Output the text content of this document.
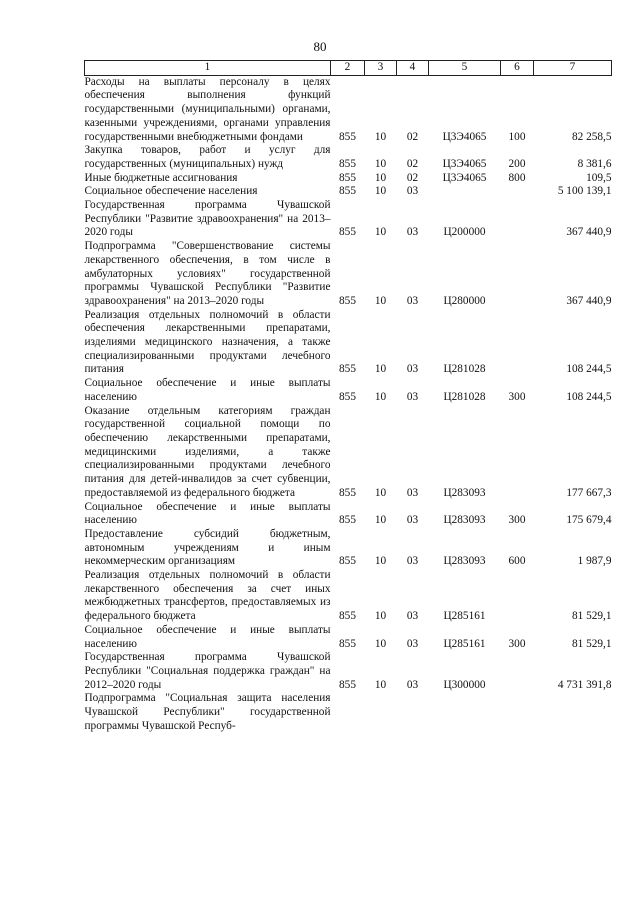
80
1	2	3	4	5	6	7
Расходы на выплаты персоналу в целях обеспечения выполнения функций государственными (муниципальными) органами, казенными учреждениями, органами управления государственными внебюджетными фондами	855	10	02	Ц3Э4065	100	82 258,5
Закупка товаров, работ и услуг для государственных (муниципальных) нужд	855	10	02	Ц3Э4065	200	8 381,6
Иные бюджетные ассигнования	855	10	02	Ц3Э4065	800	109,5
Социальное обеспечение населения	855	10	03			5 100 139,1
Государственная программа Чувашской Республики "Развитие здравоохранения" на 2013–2020 годы	855	10	03	Ц200000		367 440,9
Подпрограмма "Совершенствование системы лекарственного обеспечения, в том числе в амбулаторных условиях" государственной программы Чувашской Республики "Развитие здравоохранения" на 2013–2020 годы	855	10	03	Ц280000		367 440,9
Реализация отдельных полномочий в области обеспечения лекарственными препаратами, изделиями медицинского назначения, а также специализированными продуктами лечебного питания	855	10	03	Ц281028		108 244,5
Социальное обеспечение и иные выплаты населению	855	10	03	Ц281028	300	108 244,5
Оказание отдельным категориям граждан государственной социальной помощи по обеспечению лекарственными препаратами, медицинскими изделиями, а также специализированными продуктами лечебного питания для детей-инвалидов за счет субвенции, предоставляемой из федерального бюджета	855	10	03	Ц283093		177 667,3
Социальное обеспечение и иные выплаты населению	855	10	03	Ц283093	300	175 679,4
Предоставление субсидий бюджетным, автономным учреждениям и иным некоммерческим организациям	855	10	03	Ц283093	600	1 987,9
Реализация отдельных полномочий в области лекарственного обеспечения за счет иных межбюджетных трансфертов, предоставляемых из федерального бюджета	855	10	03	Ц285161		81 529,1
Социальное обеспечение и иные выплаты населению	855	10	03	Ц285161	300	81 529,1
Государственная программа Чувашской Республики "Социальная поддержка граждан" на 2012–2020 годы	855	10	03	Ц300000		4 731 391,8
Подпрограмма "Социальная защита населения Чувашской Республики" государственной программы Чувашской Респуб-						
